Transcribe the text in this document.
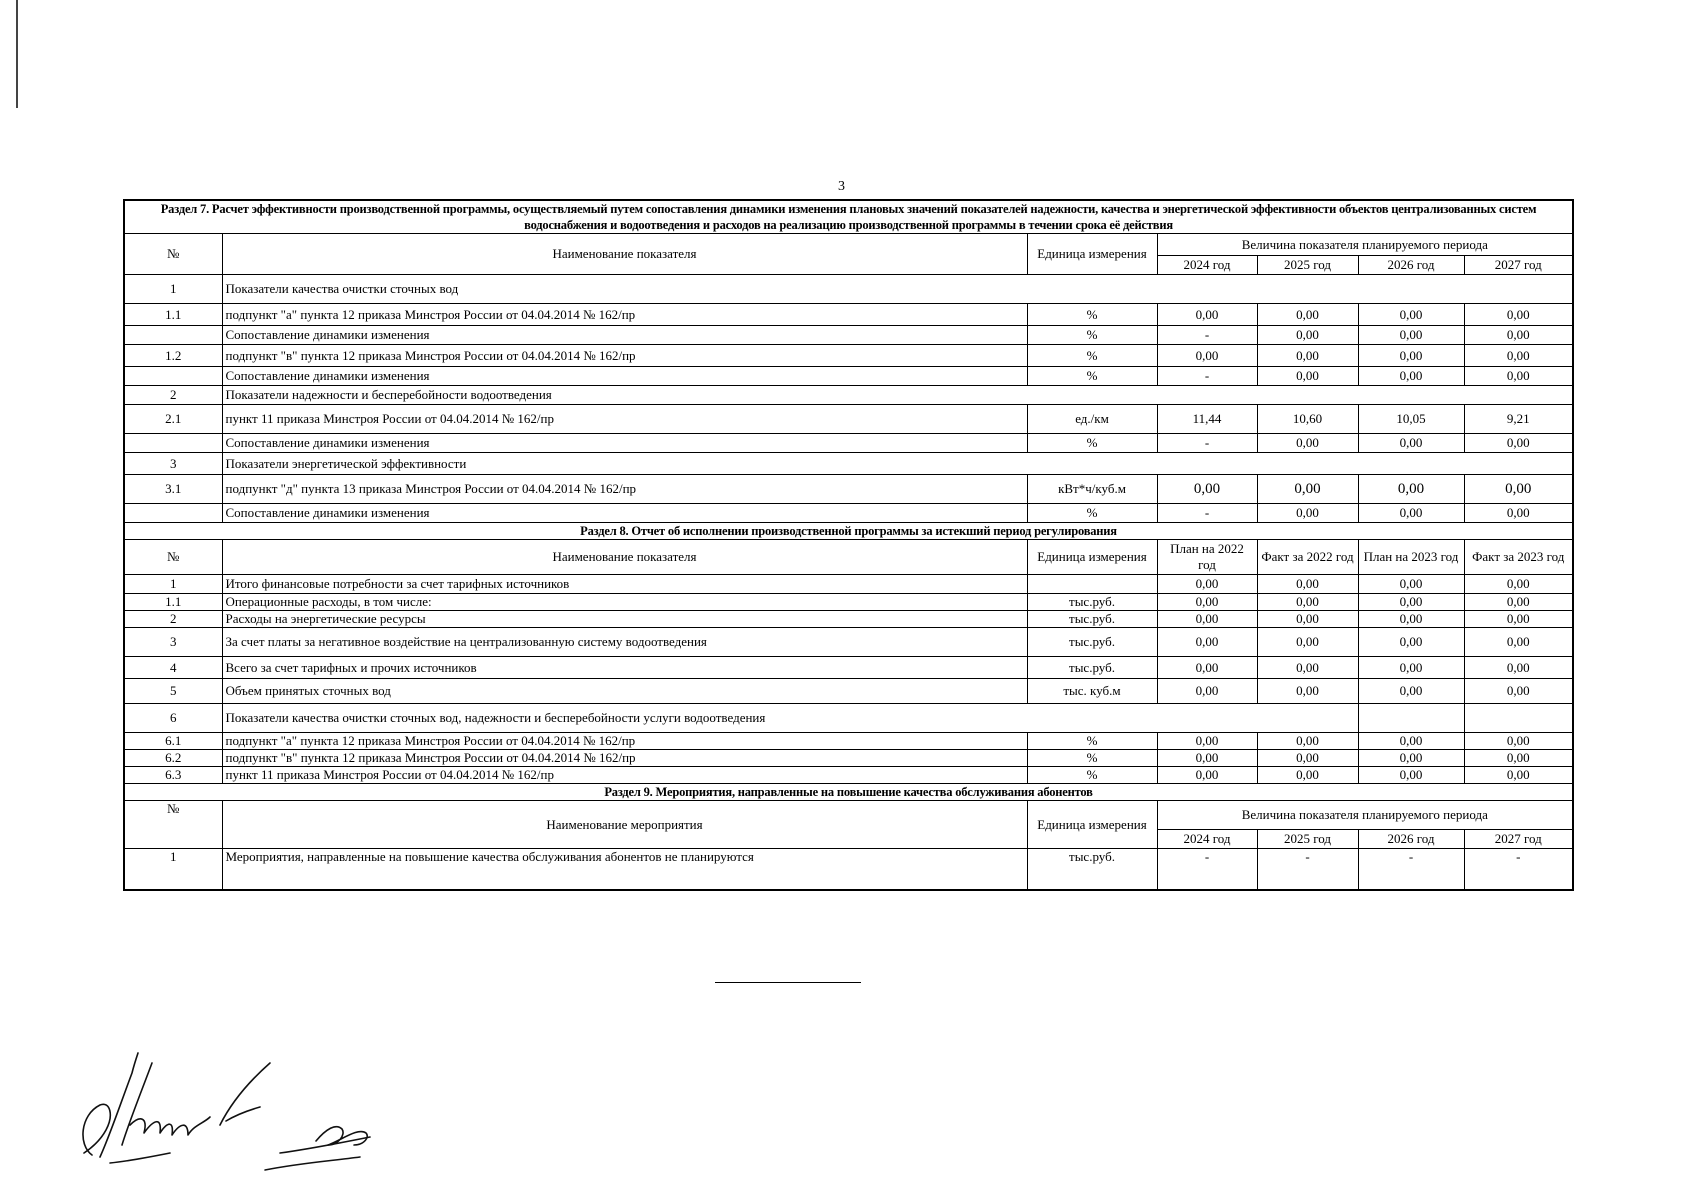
3
Раздел 7. Расчет эффективности производственной программы, осуществляемый путем сопоставления динамики изменения плановых значений показателей надежности, качества и энергетической эффективности объектов централизованных систем водоснабжения и водоотведения и расходов на реализацию производственной программы в течении срока её действия						
№	Наименование показателя	Единица измерения	Величина показателя планируемого периода			
			2024 год	2025 год	2026 год	2027 год
1	Показатели качества очистки сточных вод					
1.1	подпункт "а" пункта 12 приказа Минстроя России от 04.04.2014 № 162/пр	%	0,00	0,00	0,00	0,00
	Сопоставление динамики изменения	%	-	0,00	0,00	0,00
1.2	подпункт "в" пункта 12 приказа Минстроя России от 04.04.2014 № 162/пр	%	0,00	0,00	0,00	0,00
	Сопоставление динамики изменения	%	-	0,00	0,00	0,00
2	Показатели надежности и бесперебойности водоотведения					
2.1	пункт 11 приказа Минстроя России от 04.04.2014 № 162/пр	ед./км	11,44	10,60	10,05	9,21
	Сопоставление динамики изменения	%	-	0,00	0,00	0,00
3	Показатели энергетической эффективности					
3.1	подпункт "д" пункта 13 приказа Минстроя России от 04.04.2014 № 162/пр	кВт*ч/куб.м	0,00	0,00	0,00	0,00
	Сопоставление динамики изменения	%	-	0,00	0,00	0,00
Раздел 8. Отчет об исполнении производственной программы за истекший период регулирования						
№	Наименование показателя	Единица измерения	План на 2022 год	Факт за 2022 год	План на 2023 год	Факт за 2023 год
1	Итого финансовые потребности за счет тарифных источников		0,00	0,00	0,00	0,00
1.1	Операционные расходы, в том числе:	тыс.руб.	0,00	0,00	0,00	0,00
2	Расходы на энергетические ресурсы	тыс.руб.	0,00	0,00	0,00	0,00
3	За счет платы за негативное воздействие на централизованную систему водоотведения	тыс.руб.	0,00	0,00	0,00	0,00
4	Всего за счет тарифных и прочих источников	тыс.руб.	0,00	0,00	0,00	0,00
5	Объем принятых сточных вод	тыс. куб.м	0,00	0,00	0,00	0,00
6	Показатели качества очистки сточных вод, надежности и бесперебойности услуги водоотведения					
6.1	подпункт "а" пункта 12 приказа Минстроя России от 04.04.2014 № 162/пр	%	0,00	0,00	0,00	0,00
6.2	подпункт "в" пункта 12 приказа Минстроя России от 04.04.2014 № 162/пр	%	0,00	0,00	0,00	0,00
6.3	пункт 11 приказа Минстроя России от 04.04.2014 № 162/пр	%	0,00	0,00	0,00	0,00
Раздел 9. Мероприятия, направленные на повышение качества обслуживания абонентов						
№	Наименование мероприятия	Единица измерения	Величина показателя планируемого периода			
			2024 год	2025 год	2026 год	2027 год
1	Мероприятия, направленные на повышение качества обслуживания абонентов не планируются	тыс.руб.	-	-	-	-
